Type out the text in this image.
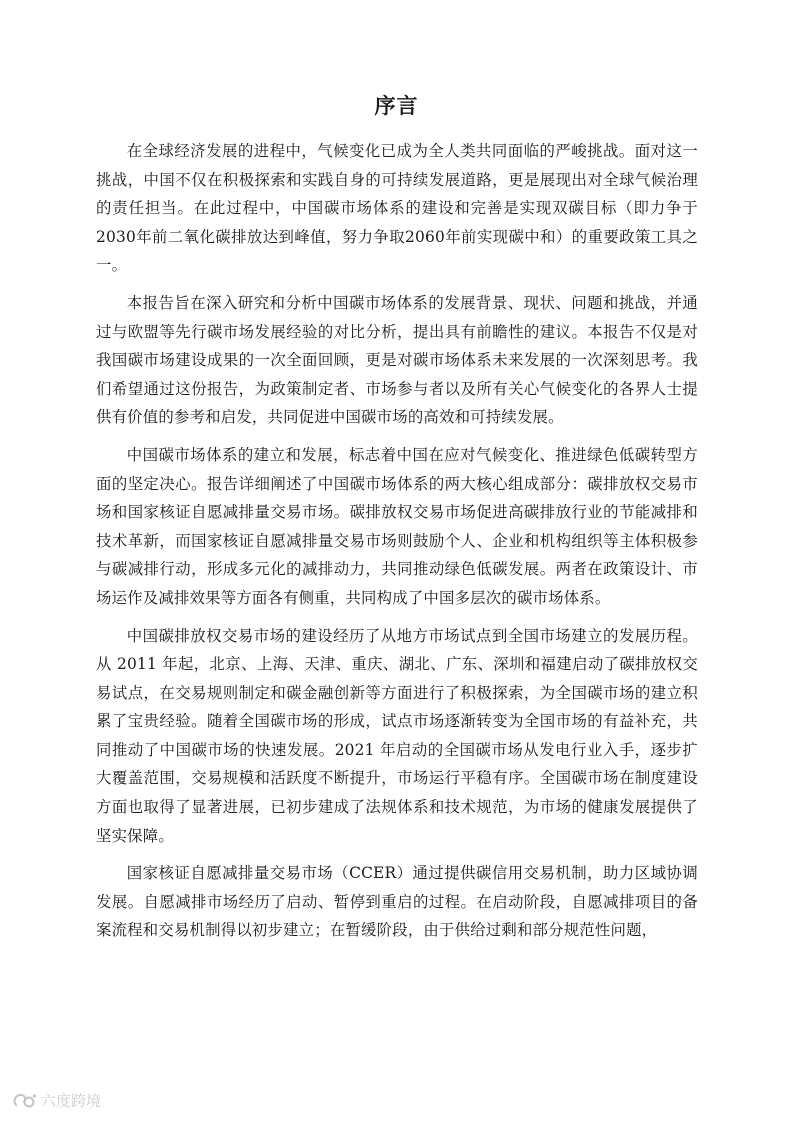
序言

在全球经济发展的进程中，气候变化已成为全人类共同面临的严峻挑战。面对这一挑战，中国不仅在积极探索和实践自身的可持续发展道路，更是展现出对全球气候治理的责任担当。在此过程中，中国碳市场体系的建设和完善是实现双碳目标（即力争于2030年前二氧化碳排放达到峰值，努力争取2060年前实现碳中和）的重要政策工具之一。

本报告旨在深入研究和分析中国碳市场体系的发展背景、现状、问题和挑战，并通过与欧盟等先行碳市场发展经验的对比分析，提出具有前瞻性的建议。本报告不仅是对我国碳市场建设成果的一次全面回顾，更是对碳市场体系未来发展的一次深刻思考。我们希望通过这份报告，为政策制定者、市场参与者以及所有关心气候变化的各界人士提供有价值的参考和启发，共同促进中国碳市场的高效和可持续发展。

中国碳市场体系的建立和发展，标志着中国在应对气候变化、推进绿色低碳转型方面的坚定决心。报告详细阐述了中国碳市场体系的两大核心组成部分：碳排放权交易市场和国家核证自愿减排量交易市场。碳排放权交易市场促进高碳排放行业的节能减排和技术革新，而国家核证自愿减排量交易市场则鼓励个人、企业和机构组织等主体积极参与碳减排行动，形成多元化的减排动力，共同推动绿色低碳发展。两者在政策设计、市场运作及减排效果等方面各有侧重，共同构成了中国多层次的碳市场体系。

中国碳排放权交易市场的建设经历了从地方市场试点到全国市场建立的发展历程。从 2011 年起，北京、上海、天津、重庆、湖北、广东、深圳和福建启动了碳排放权交易试点，在交易规则制定和碳金融创新等方面进行了积极探索，为全国碳市场的建立积累了宝贵经验。随着全国碳市场的形成，试点市场逐渐转变为全国市场的有益补充，共同推动了中国碳市场的快速发展。2021 年启动的全国碳市场从发电行业入手，逐步扩大覆盖范围，交易规模和活跃度不断提升，市场运行平稳有序。全国碳市场在制度建设方面也取得了显著进展，已初步建成了法规体系和技术规范，为市场的健康发展提供了坚实保障。

国家核证自愿减排量交易市场（CCER）通过提供碳信用交易机制，助力区域协调发展。自愿减排市场经历了启动、暂停到重启的过程。在启动阶段，自愿减排项目的备案流程和交易机制得以初步建立；在暂缓阶段，由于供给过剩和部分规范性问题，

六度跨境
